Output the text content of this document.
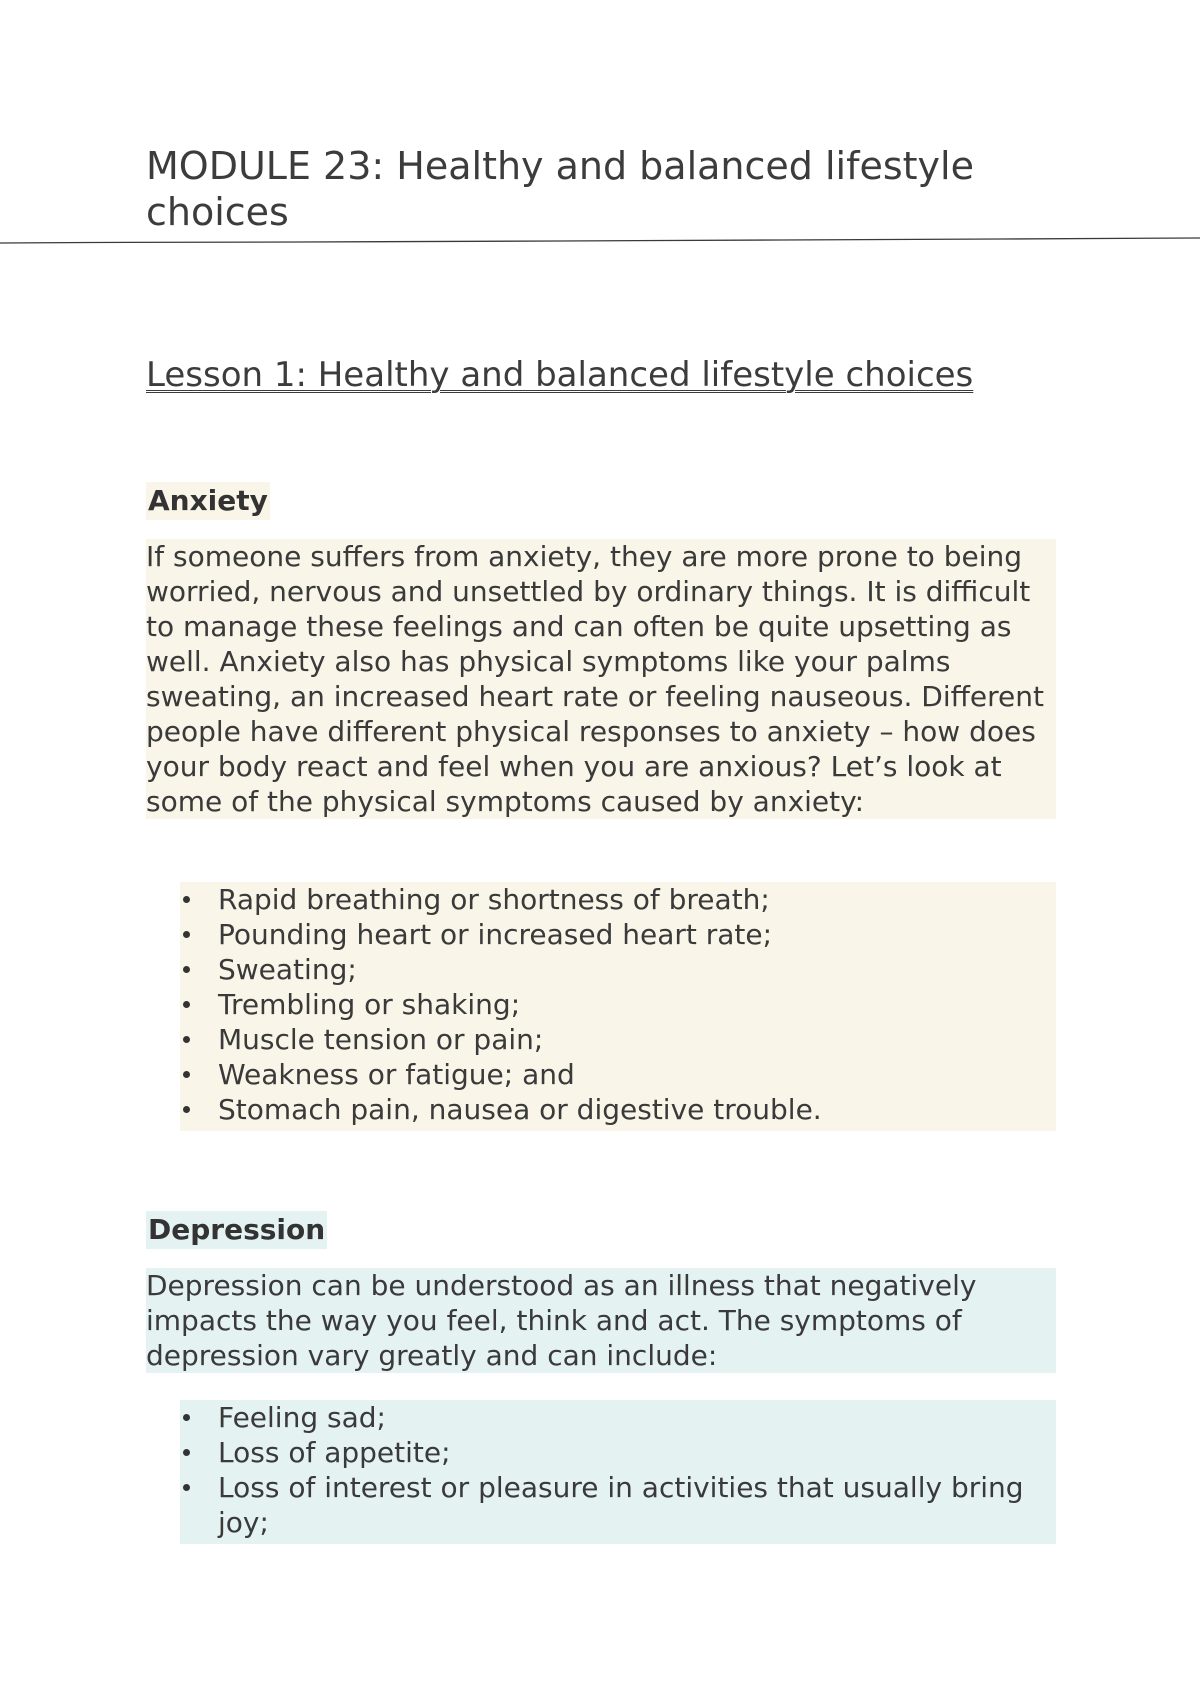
MODULE 23: Healthy and balanced lifestyle choices
Lesson 1: Healthy and balanced lifestyle choices
Anxiety

If someone suffers from anxiety, they are more prone to being worried, nervous and unsettled by ordinary things. It is difficult to manage these feelings and can often be quite upsetting as well. Anxiety also has physical symptoms like your palms sweating, an increased heart rate or feeling nauseous. Different people have different physical responses to anxiety – how does your body react and feel when you are anxious? Let’s look at some of the physical symptoms caused by anxiety:

Rapid breathing or shortness of breath;
Pounding heart or increased heart rate;
Sweating;
Trembling or shaking;
Muscle tension or pain;
Weakness or fatigue; and
Stomach pain, nausea or digestive trouble.
Depression

Depression can be understood as an illness that negatively impacts the way you feel, think and act. The symptoms of depression vary greatly and can include:

Feeling sad;
Loss of appetite;
Loss of interest or pleasure in activities that usually bring joy;
